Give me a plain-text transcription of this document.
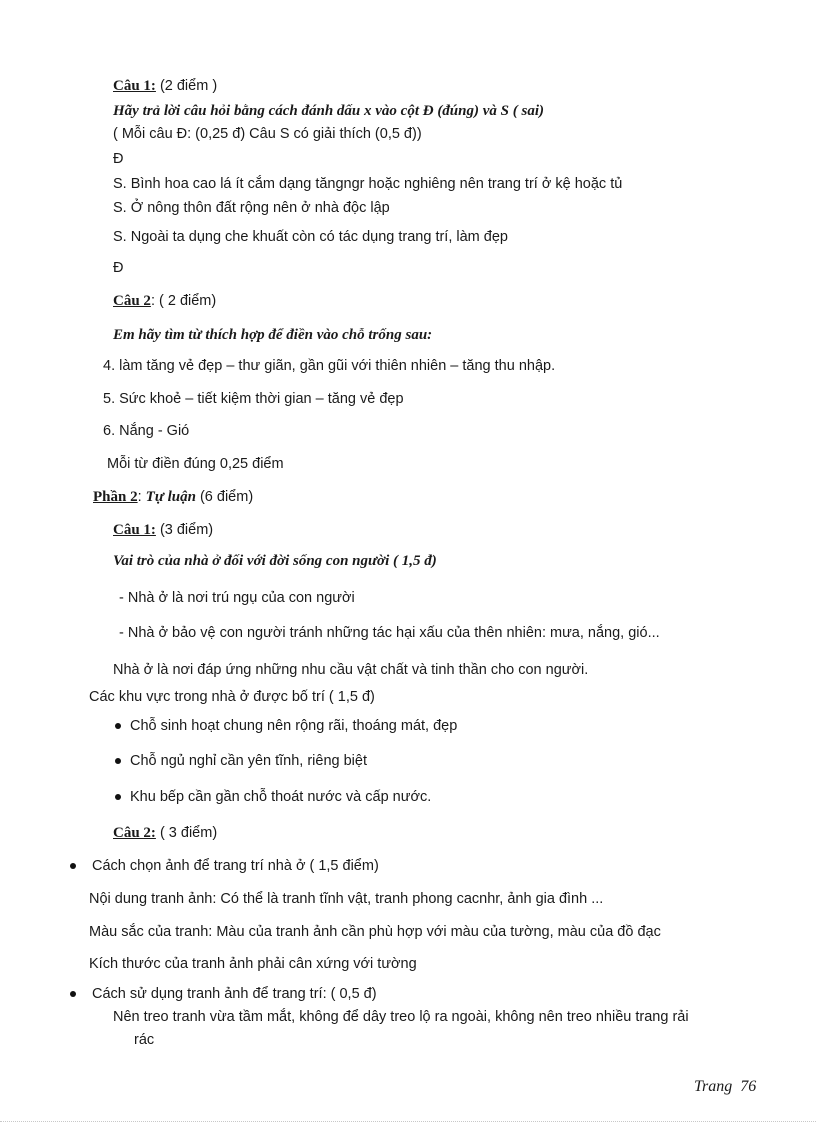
Câu 1: (2 điểm )
Hãy trả lời câu hỏi bằng cách đánh dấu x vào cột Đ (đúng) và S ( sai)
( Mỗi câu Đ: (0,25 đ) Câu S có giải thích (0,5 đ))
Đ
S. Bình hoa cao lá ít cắm dạng tăngngr hoặc nghiêng nên trang trí ở kệ hoặc tủ
S. Ở nông thôn đất rộng nên ở nhà độc lập
S. Ngoài ta dụng che khuất còn có tác dụng trang trí, làm đẹp
Đ
Câu 2: ( 2 điểm)
Em hãy tìm từ thích hợp để điền vào chỗ trống sau:
4. làm tăng vẻ đẹp – thư giãn, gần gũi với thiên nhiên – tăng thu nhập.
5. Sức khoẻ – tiết kiệm thời gian – tăng vẻ đẹp
6. Nắng - Gió
Mỗi từ điền đúng 0,25 điểm
Phần 2: Tự luận (6 điểm)
Câu 1: (3 điểm)
Vai trò của nhà ở đối với đời sống con người ( 1,5 đ)
- Nhà ở là nơi trú ngụ của con người
- Nhà ở bảo vệ con người tránh những tác hại xấu của thên nhiên: mưa, nắng, gió...
Nhà ở là nơi đáp ứng những nhu cầu vật chất và tinh thần cho con người.
Các khu vực trong nhà ở được bố trí ( 1,5 đ)
Chỗ sinh hoạt chung nên rộng rãi, thoáng mát, đẹp
Chỗ ngủ nghỉ cần yên tĩnh, riêng biệt
Khu bếp cần gần chỗ thoát nước và cấp nước.
Câu 2: ( 3 điểm)
Cách chọn ảnh để trang trí nhà ở ( 1,5 điểm)
Nội dung tranh ảnh: Có thể là tranh tĩnh vật, tranh phong cacnhr, ảnh gia đình ...
Màu sắc của tranh: Màu của tranh ảnh cần phù hợp với màu của tường, màu của đồ đạc
Kích thước của tranh ảnh phải cân xứng với tường
Cách sử dụng tranh ảnh để trang trí: ( 0,5 đ)
Nên treo tranh vừa tầm mắt, không để dây treo lộ ra ngoài, không nên treo nhiều trang rải
rác
Trang 76
